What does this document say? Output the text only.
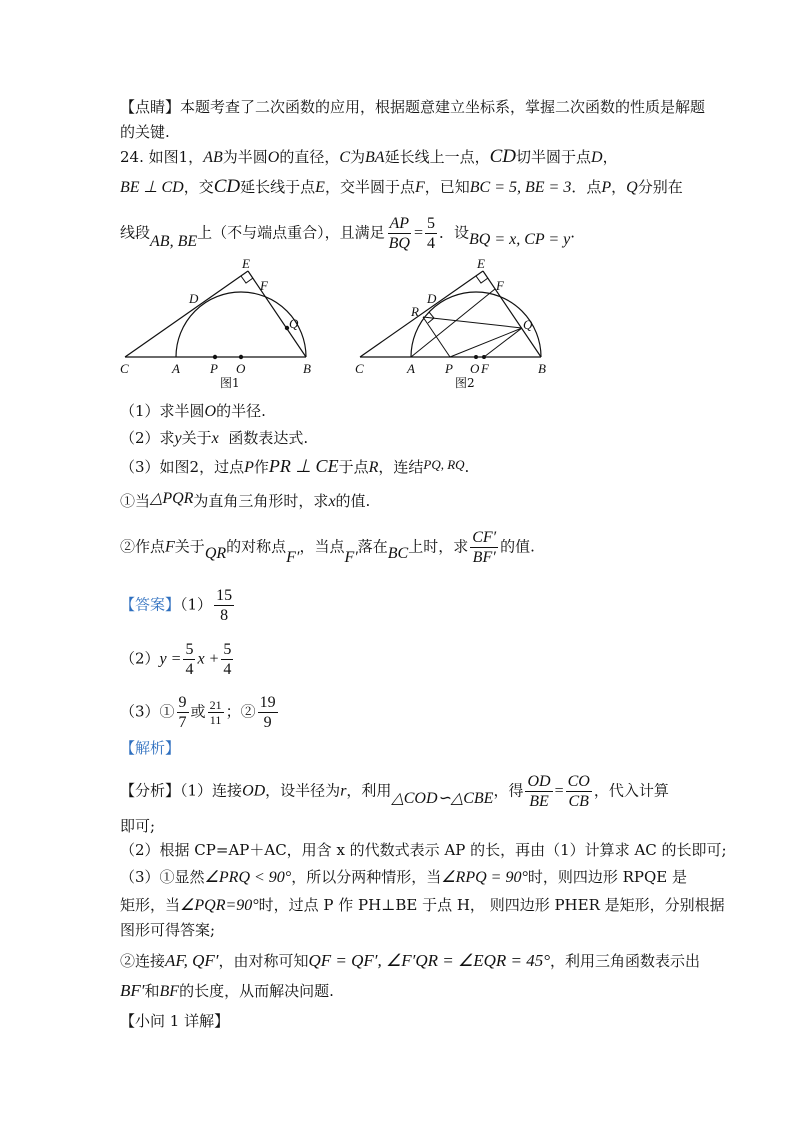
【点睛】本题考查了二次函数的应用，根据题意建立坐标系，掌握二次函数的性质是解题
的关键.
24. 如图1，AB为半圆O的直径，C为BA延长线上一点，CD切半圆于点D，
BE ⊥ CD，交CD延长线于点E，交半圆于点F，已知BC = 5, BE = 3．点P，Q分别在
线段AB, BE上（不与端点重合），且满足 $\frac{AP}{BQ} = \frac{5}{4}$ ．设BQ = x, CP = y.
E
D
F
Q
C	A P O	B
图1
E
D
R
F
Q
C	A P O F	B
图2
（1）求半圆O的半径.
（2）求y关于x  函数表达式.
（3）如图2，过点P作PR ⊥ CE于点R，连结PQ, RQ.
①当△PQR为直角三角形时，求x的值.
②作点F关于QR的对称点F′，当点F′落在BC上时，求 $\frac{CF'}{BF'}$ 的值.
【答案】$(1) \frac{15}{8}$
$(2)y = \frac{5}{4}$ $x + \frac{5}{4}$
（3）① $\frac{9}{7}$ 或 $\frac{21}{11}$ ；② $\frac{19}{9}$
【解析】
【分析】（1）连接OD，设半径为r，利用△COD∽△CBE，得 $\frac{OD}{BE} = \frac{CO}{CB}$ ，代入计算
即可;
（2）根据 CP=AP＋AC，用含 x 的代数式表示 AP 的长，再由（1）计算求 AC 的长即可;
（3）①显然∠PRQ < 90°，所以分两种情形，当∠RPQ = 90°时，则四边形 RPQE 是
矩形，当∠PQR=90°时，过点 P 作 PH⊥BE 于点 H， 则四边形 PHER 是矩形，分别根据
图形可得答案;
②连接AF, QF′，由对称可知QF = QF′, ∠F′QR = ∠EQR = 45°，利用三角函数表示出
BF′和BF的长度，从而解决问题.
【小问 1 详解】
